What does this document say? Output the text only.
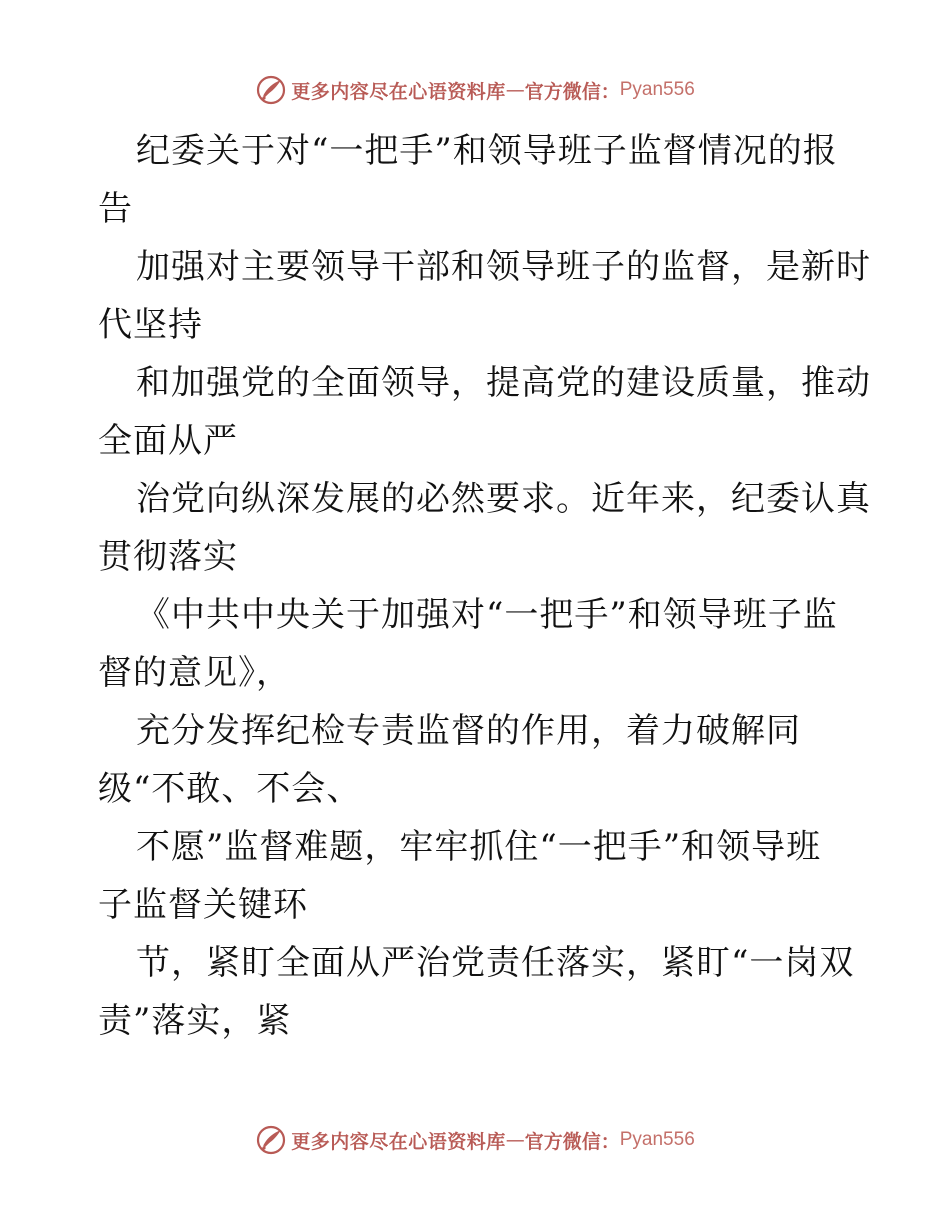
更多内容尽在心语资料库 — 官方微信： Pyan556

纪委关于对“一把手”和领导班子监督情况的报

告

加强对主要领导干部和领导班子的监督，是新时

代坚持

和加强党的全面领导，提高党的建设质量，推动

全面从严

治党向纵深发展的必然要求。近年来，纪委认真

贯彻落实

《中共中央关于加强对“一把手”和领导班子监

督的意见》，

充分发挥纪检专责监督的作用，着力破解同

级“不敢、不会、

不愿”监督难题，牢牢抓住“一把手”和领导班

子监督关键环

节，紧盯全面从严治党责任落实，紧盯“一岗双

责”落实，紧

更多内容尽在心语资料库 — 官方微信： Pyan556
